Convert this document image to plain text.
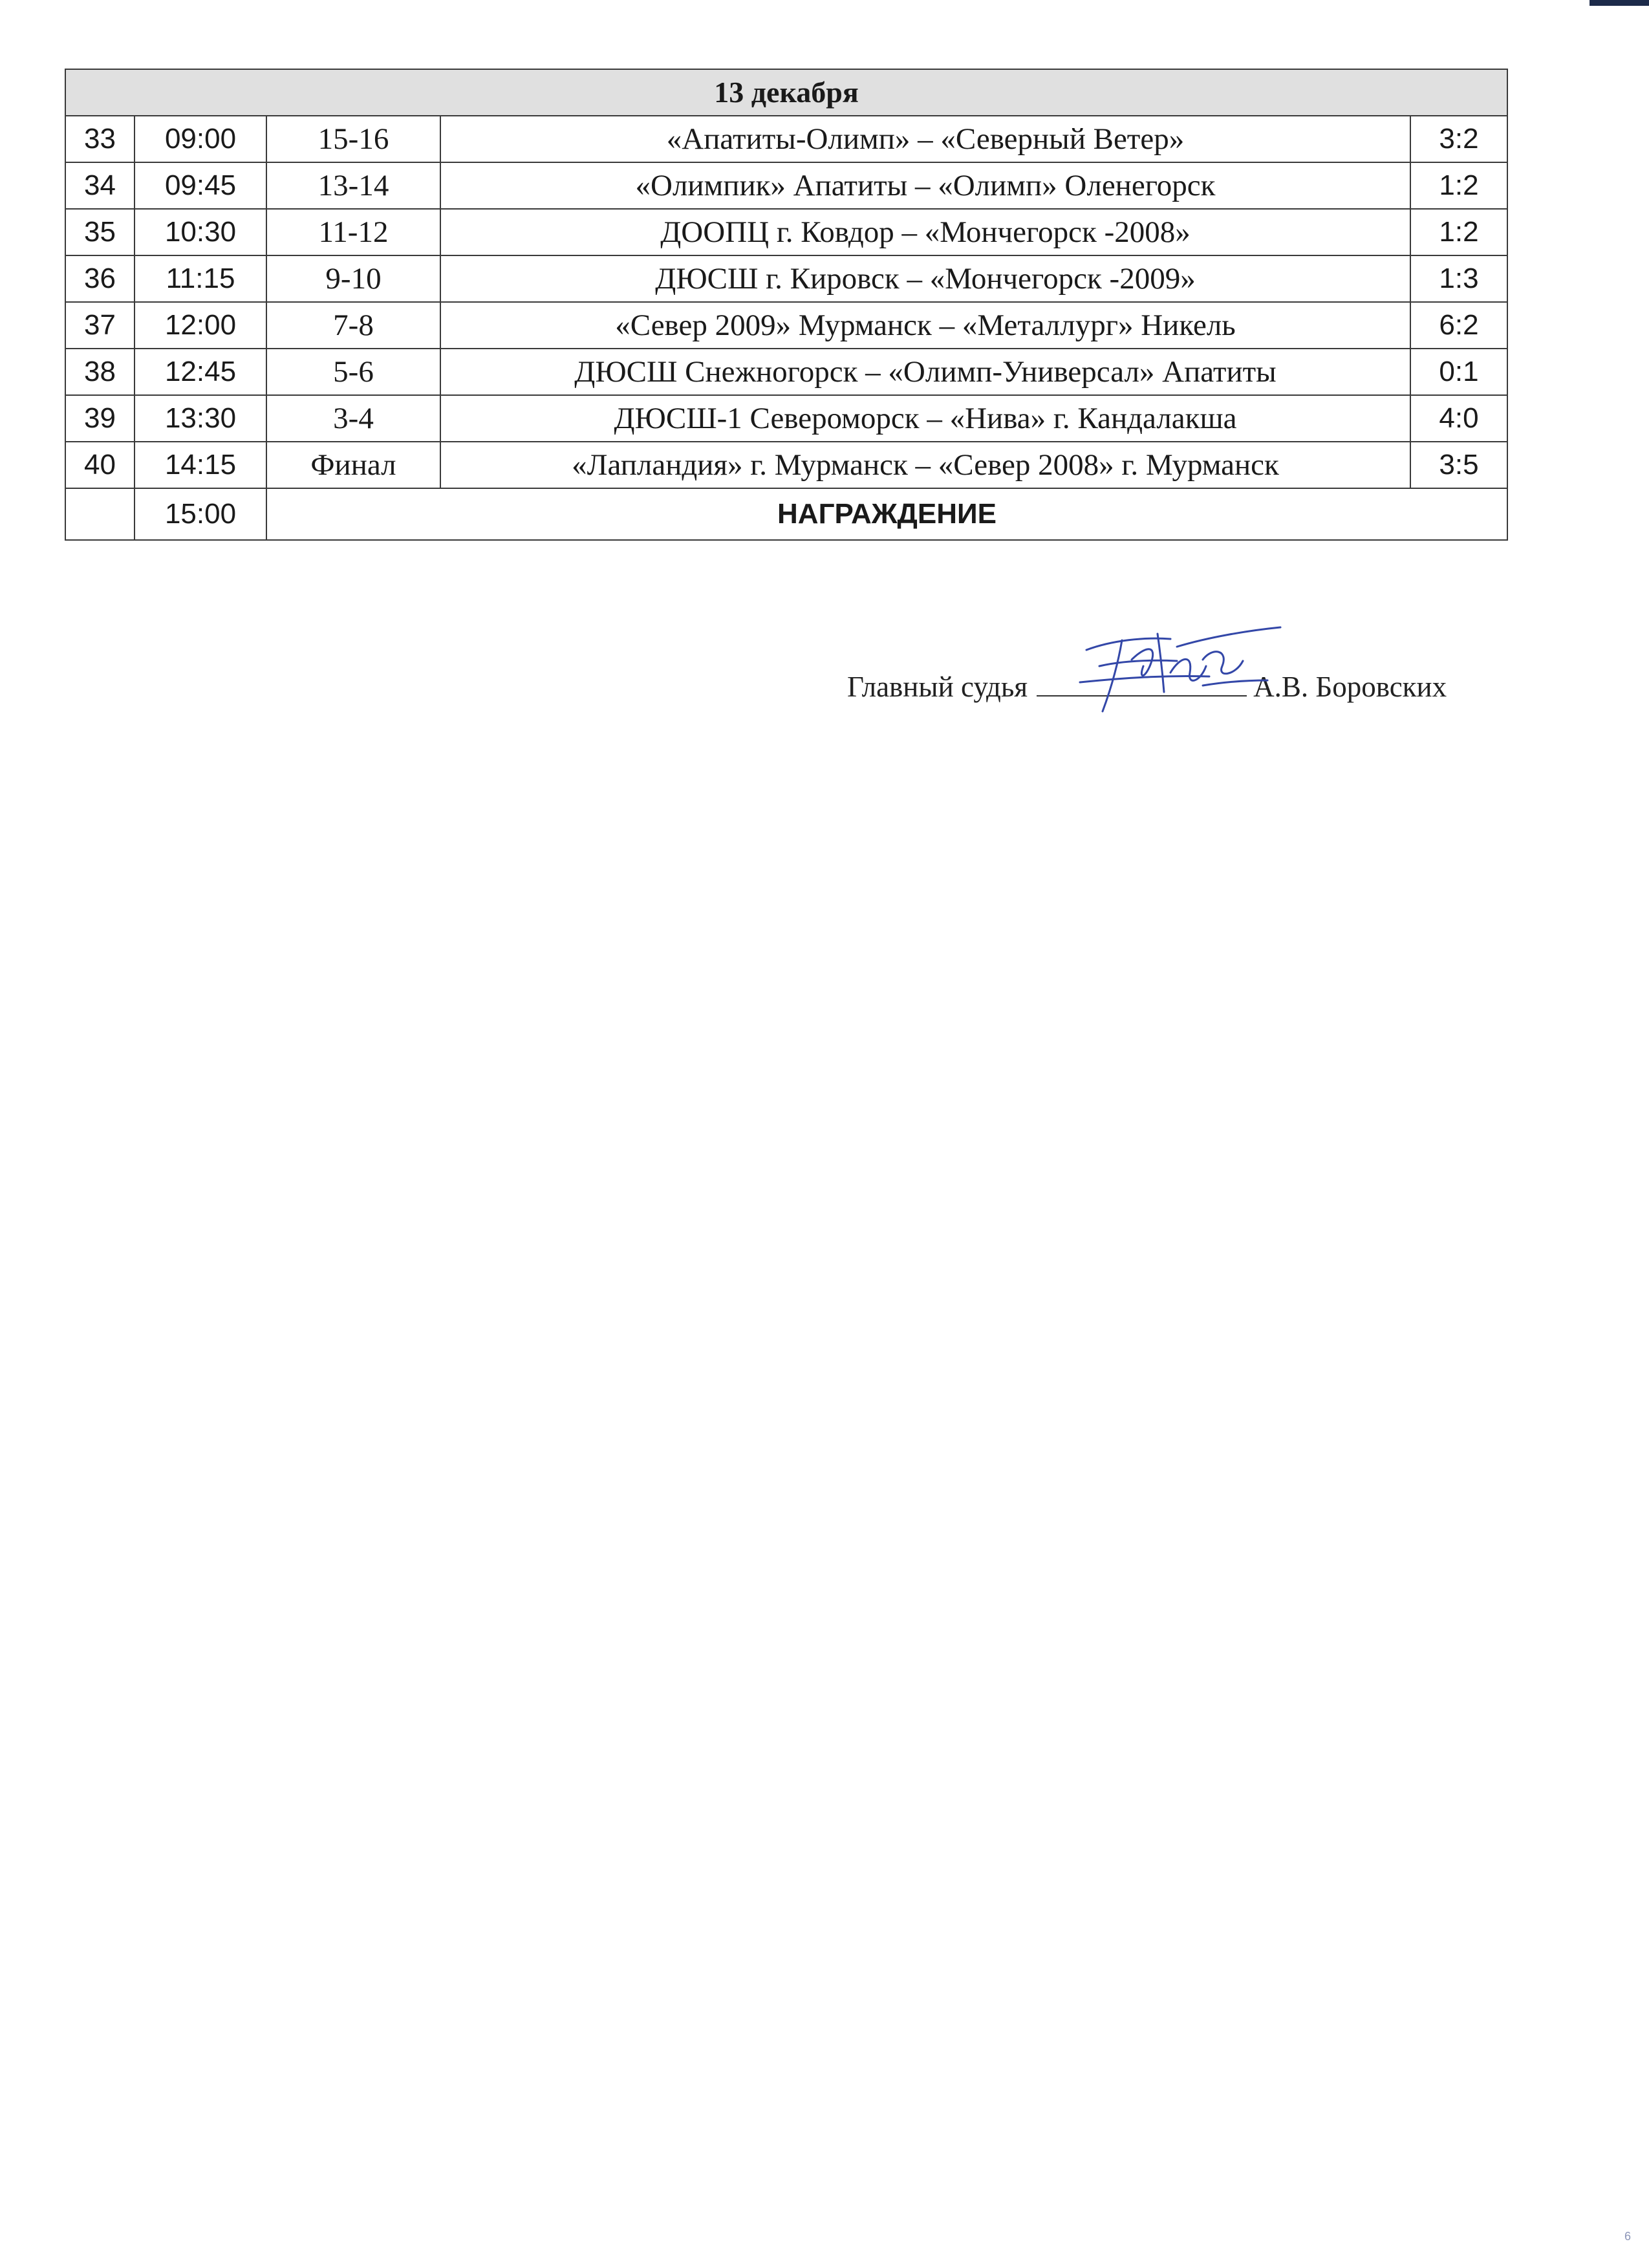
13 декабря				
33	09:00	15-16	«Апатиты-Олимп» – «Северный Ветер»	3:2
34	09:45	13-14	«Олимпик» Апатиты – «Олимп» Оленегорск	1:2
35	10:30	11-12	ДООПЦ г. Ковдор – «Мончегорск -2008»	1:2
36	11:15	9-10	ДЮСШ г. Кировск – «Мончегорск -2009»	1:3
37	12:00	7-8	«Север 2009» Мурманск – «Металлург» Никель	6:2
38	12:45	5-6	ДЮСШ Снежногорск – «Олимп-Универсал» Апатиты	0:1
39	13:30	3-4	ДЮСШ-1 Североморск – «Нива» г. Кандалакша	4:0
40	14:15	Финал	«Лапландия» г. Мурманск – «Север 2008» г. Мурманск	3:5
	15:00	НАГРАЖДЕНИЕ		
Главный судья	А.В. Боровских
6
